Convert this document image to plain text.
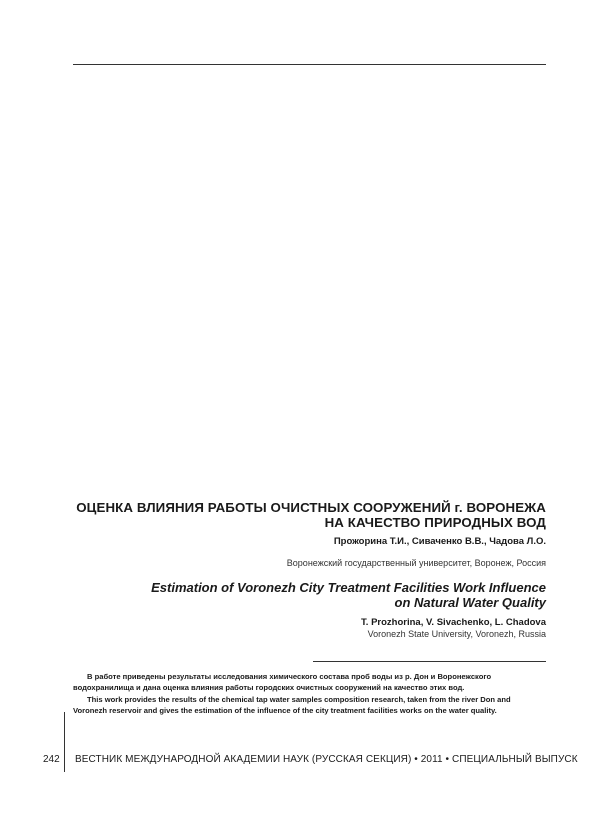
ОЦЕНКА ВЛИЯНИЯ РАБОТЫ ОЧИСТНЫХ СООРУЖЕНИЙ г. ВОРОНЕЖА
НА КАЧЕСТВО ПРИРОДНЫХ ВОД
Прожорина Т.И., Сиваченко В.В., Чадова Л.О.
Воронежский государственный университет, Воронеж, Россия
Estimation of Voronezh City Treatment Facilities Work Influence
on Natural Water Quality
T. Prozhorina, V. Sivachenko, L. Chadova
Voronezh State University, Voronezh, Russia

В работе приведены результаты исследования химического состава проб воды из р. Дон и Воронежского водохранилища и дана оценка влияния работы городских очистных сооружений на качество этих вод.

This work provides the results of the chemical tap water samples composition research, taken from the river Don and Voronezh reservoir and gives the estimation of the influence of the city treatment facilities works on the water quality.

242 ВЕСТНИК МЕЖДУНАРОДНОЙ АКАДЕМИИ НАУК (РУССКАЯ СЕКЦИЯ) • 2011 • СПЕЦИАЛЬНЫЙ ВЫПУСК
